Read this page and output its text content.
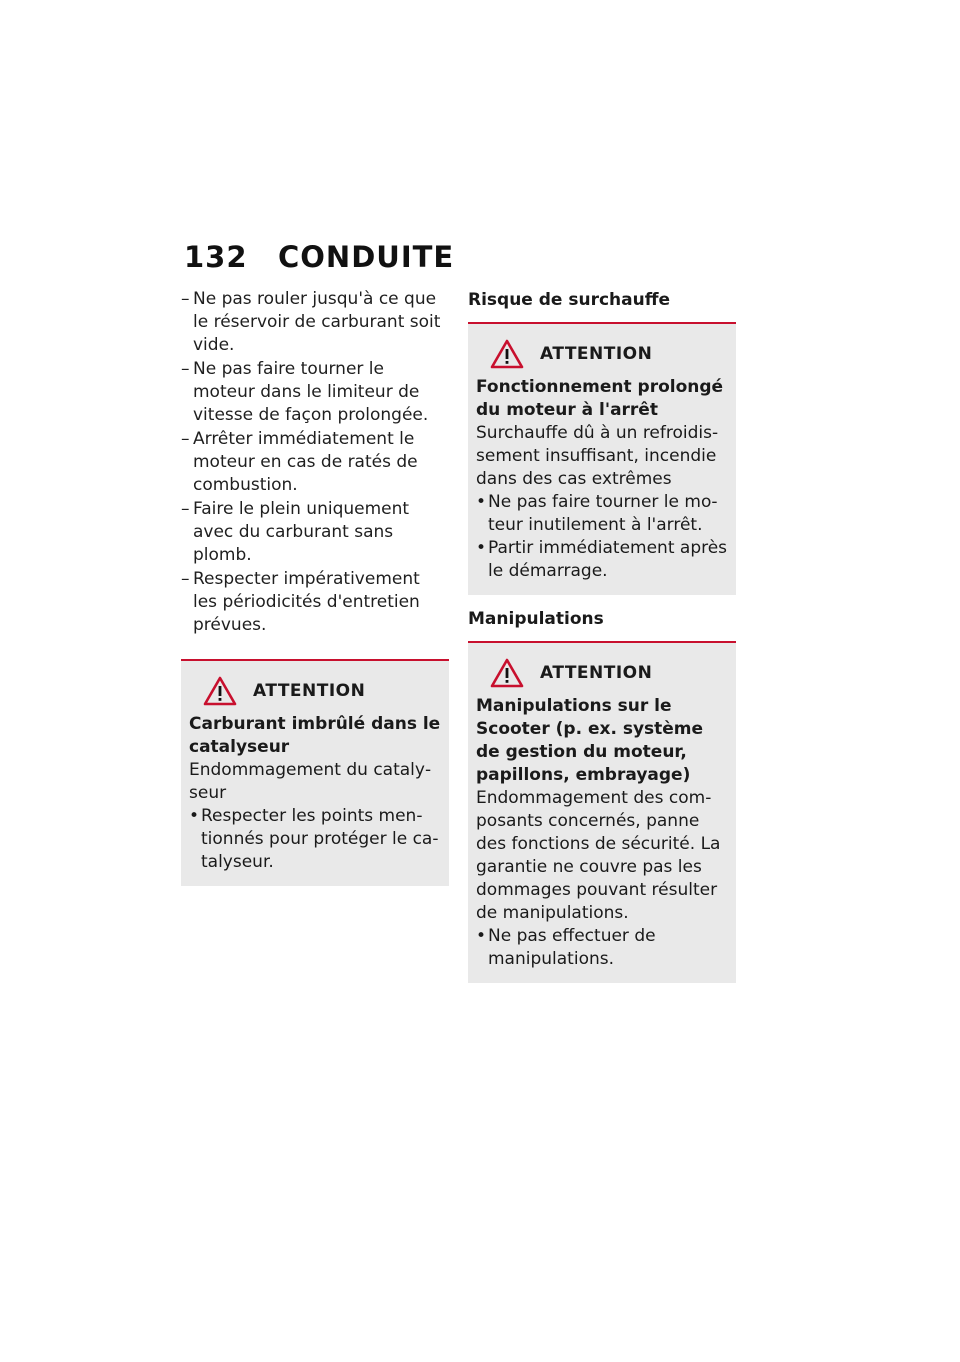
132 CONDUITE
– Ne pas rouler jusqu'à ce que le réservoir de carburant soit vide.
– Ne pas faire tourner le moteur dans le limiteur de vitesse de façon prolongée.
– Arrêter immédiatement le moteur en cas de ratés de combustion.
– Faire le plein uniquement avec du carburant sans plomb.
– Respecter impérativement les périodicités d'entretien prévues.
ATTENTION
Carburant imbrûlé dans le catalyseur
Endommagement du catalyseur
• Respecter les points mentionnés pour protéger le catalyseur.
Risque de surchauffe
ATTENTION
Fonctionnement prolongé du moteur à l'arrêt
Surchauffe dû à un refroidissement insuffisant, incendie dans des cas extrêmes
• Ne pas faire tourner le moteur inutilement à l'arrêt.
• Partir immédiatement après le démarrage.
Manipulations
ATTENTION
Manipulations sur le Scooter (p. ex. système de gestion du moteur, papillons, embrayage)
Endommagement des composants concernés, panne des fonctions de sécurité. La garantie ne couvre pas les dommages pouvant résulter de manipulations.
• Ne pas effectuer de manipulations.
